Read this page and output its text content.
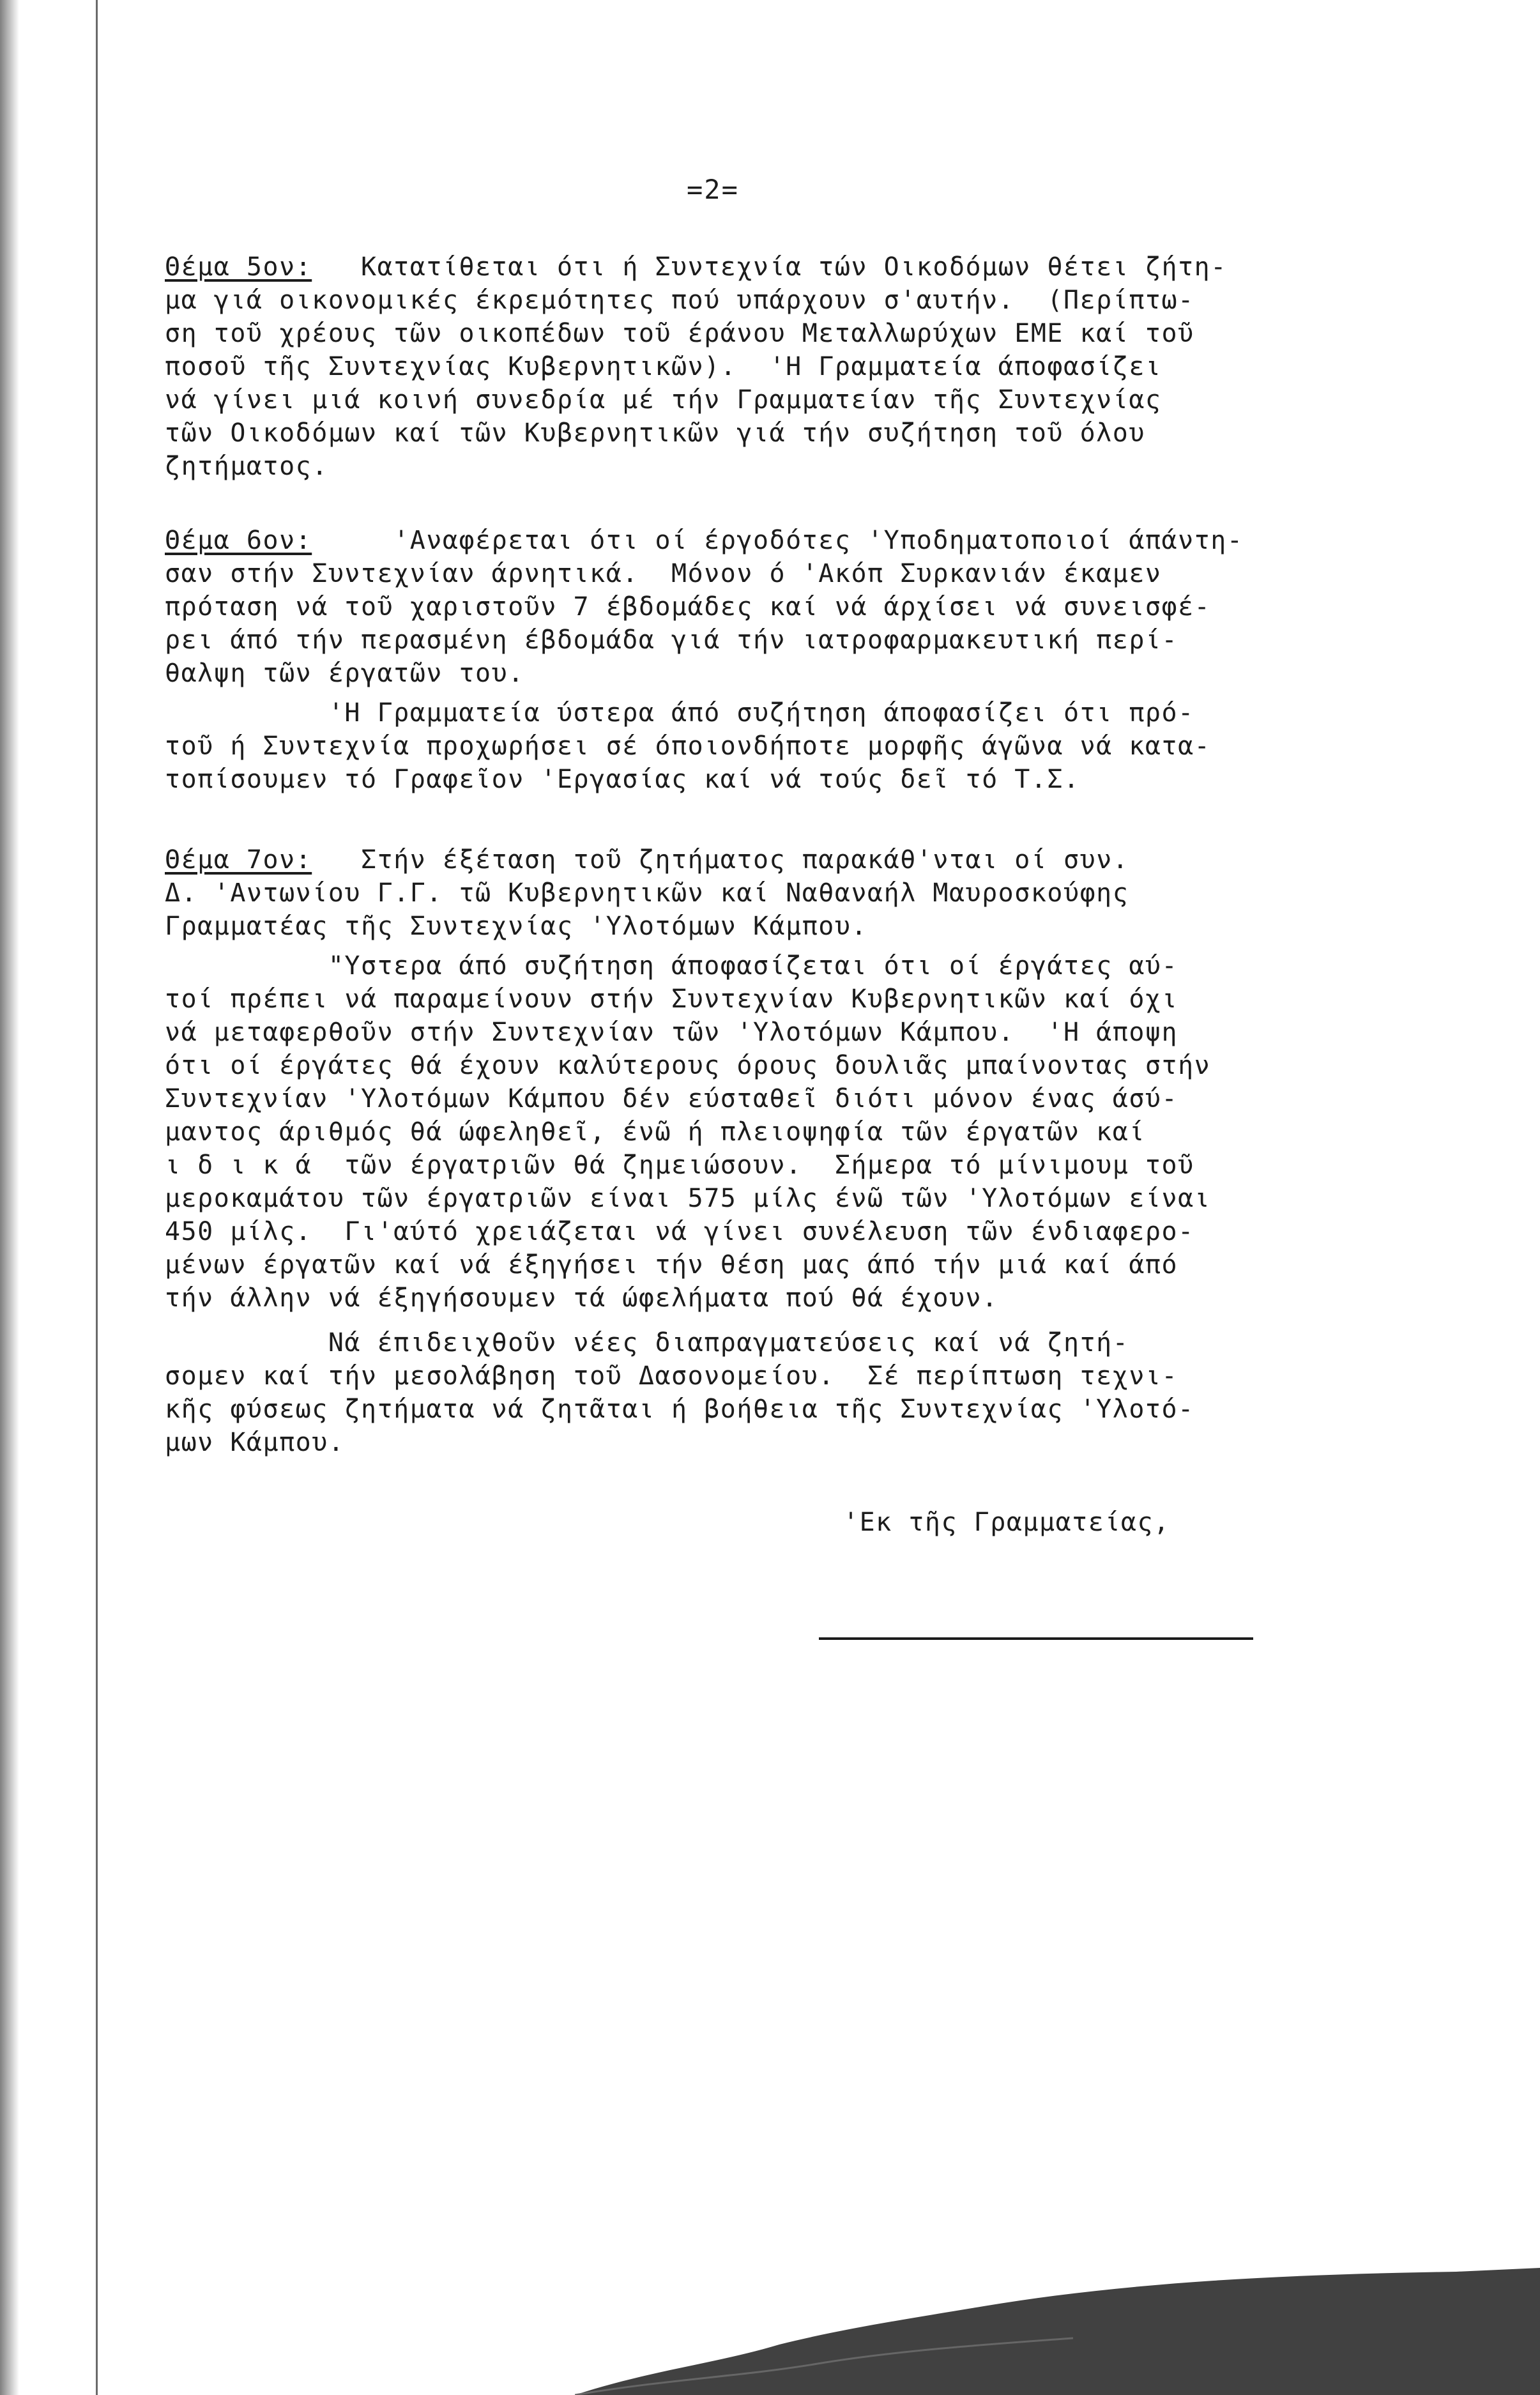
=2=
Θέμα 5ον: Κατατίθεται ότι ή Συντεχνία τών Οικοδόμων θέτει ζήτη-
μα γιά οικονομικές έκρεμότητες πού υπάρχουν σ'αυτήν.  (Περίπτω-
ση τοῦ χρέους τῶν οικοπέδων τοῦ έράνου Μεταλλωρύχων ΕΜΕ καί τοῦ
ποσοῦ τῆς Συντεχνίας Κυβερνητικῶν).  'Η Γραμματεία άποφασίζει
νά γίνει μιά κοινή συνεδρία μέ τήν Γραμματείαν τῆς Συντεχνίας
τῶν Οικοδόμων καί τῶν Κυβερνητικῶν γιά τήν συζήτηση τοῦ όλου
ζητήματος.
Θέμα 6ον:	'Αναφέρεται ότι οί έργοδότες 'Υποδηματοποιοί άπάντη-
σαν στήν Συντεχνίαν άρνητικά.  Μόνον ό 'Ακόπ Συρκανιάν έκαμεν
πρόταση νά τοῦ χαριστοῦν 7 έβδομάδες καί νά άρχίσει νά συνεισφέ-
ρει άπό τήν περασμένη έβδομάδα γιά τήν ιατροφαρμακευτική περί-
θαλψη τῶν έργατῶν του.
'Η Γραμματεία ύστερα άπό συζήτηση άποφασίζει ότι πρό-
τοῦ ή Συντεχνία προχωρήσει σέ όποιονδήποτε μορφῆς άγῶνα νά κατα-
τοπίσουμεν τό Γραφεῖον 'Εργασίας καί νά τούς δεῖ τό Τ.Σ.
Θέμα 7ον: Στήν έξέταση τοῦ ζητήματος παρακάθ'νται οί συν.
Δ. 'Αντωνίου Γ.Γ. τῶ Κυβερνητικῶν καί Ναθαναήλ Μαυροσκούφης
Γραμματέας τῆς Συντεχνίας 'Υλοτόμων Κάμπου.
"Υστερα άπό συζήτηση άποφασίζεται ότι οί έργάτες αύ-
τοί πρέπει νά παραμείνουν στήν Συντεχνίαν Κυβερνητικῶν καί όχι
νά μεταφερθοῦν στήν Συντεχνίαν τῶν 'Υλοτόμων Κάμπου.  'Η άποψη
ότι οί έργάτες θά έχουν καλύτερους όρους δουλιᾶς μπαίνοντας στήν
Συντεχνίαν 'Υλοτόμων Κάμπου δέν εύσταθεῖ διότι μόνον ένας άσύ-
μαντος άριθμός θά ώφεληθεῖ, ένῶ ή πλειοψηφία τῶν έργατῶν καί
ι δ ι κ ά  τῶν έργατριῶν θά ζημειώσουν.  Σήμερα τό μίνιμουμ τοῦ
μεροκαμάτου τῶν έργατριῶν είναι 575 μίλς ένῶ τῶν 'Υλοτόμων είναι
450 μίλς.  Γι'αύτό χρειάζεται νά γίνει συνέλευση τῶν ένδιαφερο-
μένων έργατῶν καί νά έξηγήσει τήν θέση μας άπό τήν μιά καί άπό
τήν άλλην νά έξηγήσουμεν τά ώφελήματα πού θά έχουν.
Νά έπιδειχθοῦν νέες διαπραγματεύσεις καί νά ζητή-
σομεν καί τήν μεσολάβηση τοῦ Δασονομείου.  Σέ περίπτωση τεχνι-
κῆς φύσεως ζητήματα νά ζητᾶται ή βοήθεια τῆς Συντεχνίας 'Υλοτό-
μων Κάμπου.
'Εκ τῆς Γραμματείας,
